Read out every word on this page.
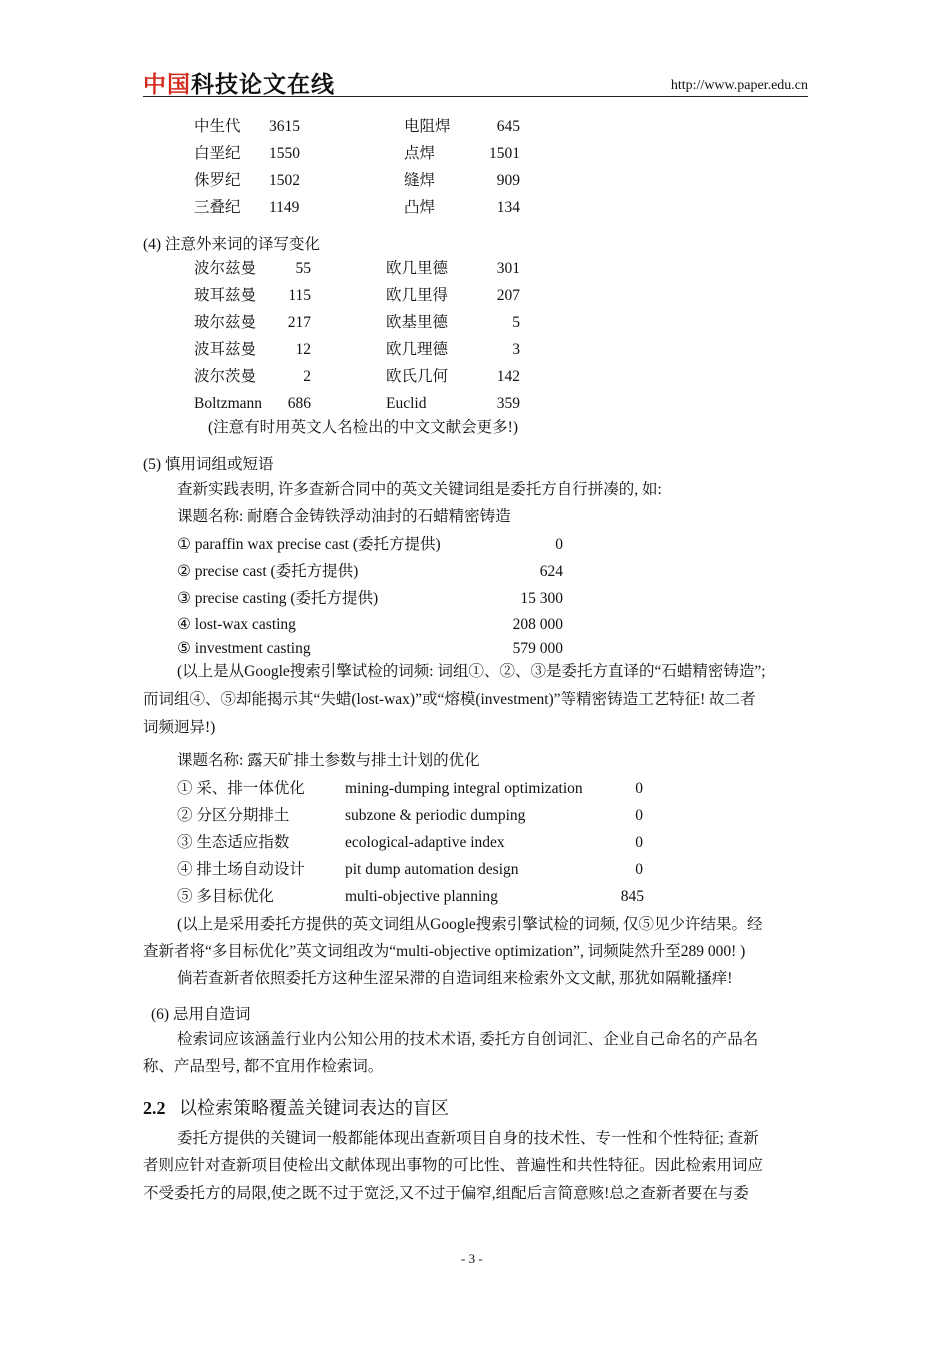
中国科技论文在线	http://www.paper.edu.cn
中生代 3615	电阻焊	645
白垩纪 1550	点焊	1501
侏罗纪 1502	缝焊	909
三叠纪 1149	凸焊	134
(4) 注意外来词的译写变化
波尔兹曼	55	欧几里德	301
玻耳兹曼 115	欧几里得	207
玻尔兹曼 217	欧基里德	5
波耳兹曼	12	欧几理德	3
波尔茨曼	2	欧氏几何	142
Boltzmann 686	Euclid	359
(注意有时用英文人名检出的中文文献会更多!)
(5) 慎用词组或短语
查新实践表明, 许多查新合同中的英文关键词组是委托方自行拼凑的, 如:
课题名称: 耐磨合金铸铁浮动油封的石蜡精密铸造
① paraffin wax precise cast (委托方提供)	0
② precise cast (委托方提供)	624
③ precise casting (委托方提供)	15 300
④ lost-wax casting	208 000
⑤ investment casting	579 000
(以上是从Google搜索引擎试检的词频: 词组①、②、③是委托方直译的“石蜡精密铸造”;
而词组④、⑤却能揭示其“失蜡(lost-wax)”或“熔模(investment)”等精密铸造工艺特征! 故二者
词频迥异!)
课题名称: 露天矿排土参数与排土计划的优化
① 采、排一体优化	mining-dumping integral optimization	0
② 分区分期排土	subzone & periodic dumping	0
③ 生态适应指数	ecological-adaptive index	0
④ 排土场自动设计	pit dump automation design	0
⑤ 多目标优化	multi-objective planning	845
(以上是采用委托方提供的英文词组从Google搜索引擎试检的词频, 仅⑤见少许结果。经
查新者将“多目标优化”英文词组改为“multi-objective optimization”, 词频陡然升至289 000! )
倘若查新者依照委托方这种生涩呆滞的自造词组来检索外文文献, 那犹如隔靴搔痒!
(6) 忌用自造词
检索词应该涵盖行业内公知公用的技术术语, 委托方自创词汇、企业自己命名的产品名
称、产品型号, 都不宜用作检索词。
2.2 以检索策略覆盖关键词表达的盲区
委托方提供的关键词一般都能体现出查新项目自身的技术性、专一性和个性特征; 查新
者则应针对查新项目使检出文献体现出事物的可比性、普遍性和共性特征。因此检索用词应
不受委托方的局限,使之既不过于宽泛,又不过于偏窄,组配后言简意赅!总之查新者要在与委
- 3 -
